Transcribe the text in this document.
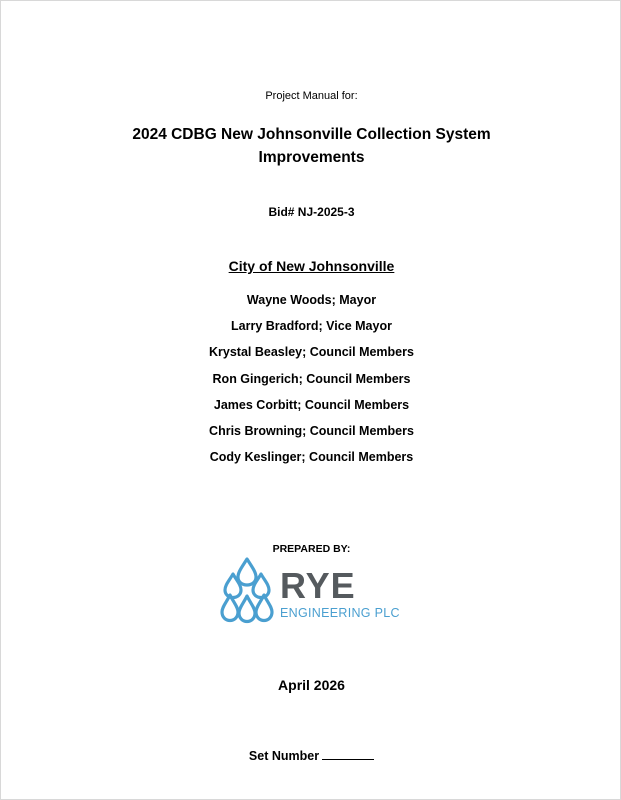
Project Manual for:
2024 CDBG New Johnsonville Collection System
Improvements
Bid# NJ-2025-3
City of New Johnsonville
Wayne Woods; Mayor
Larry Bradford; Vice Mayor
Krystal Beasley; Council Members
Ron Gingerich; Council Members
James Corbitt; Council Members
Chris Browning; Council Members
Cody Keslinger; Council Members
PREPARED BY:
RYE
ENGINEERING PLC
April 2026
Set Number
